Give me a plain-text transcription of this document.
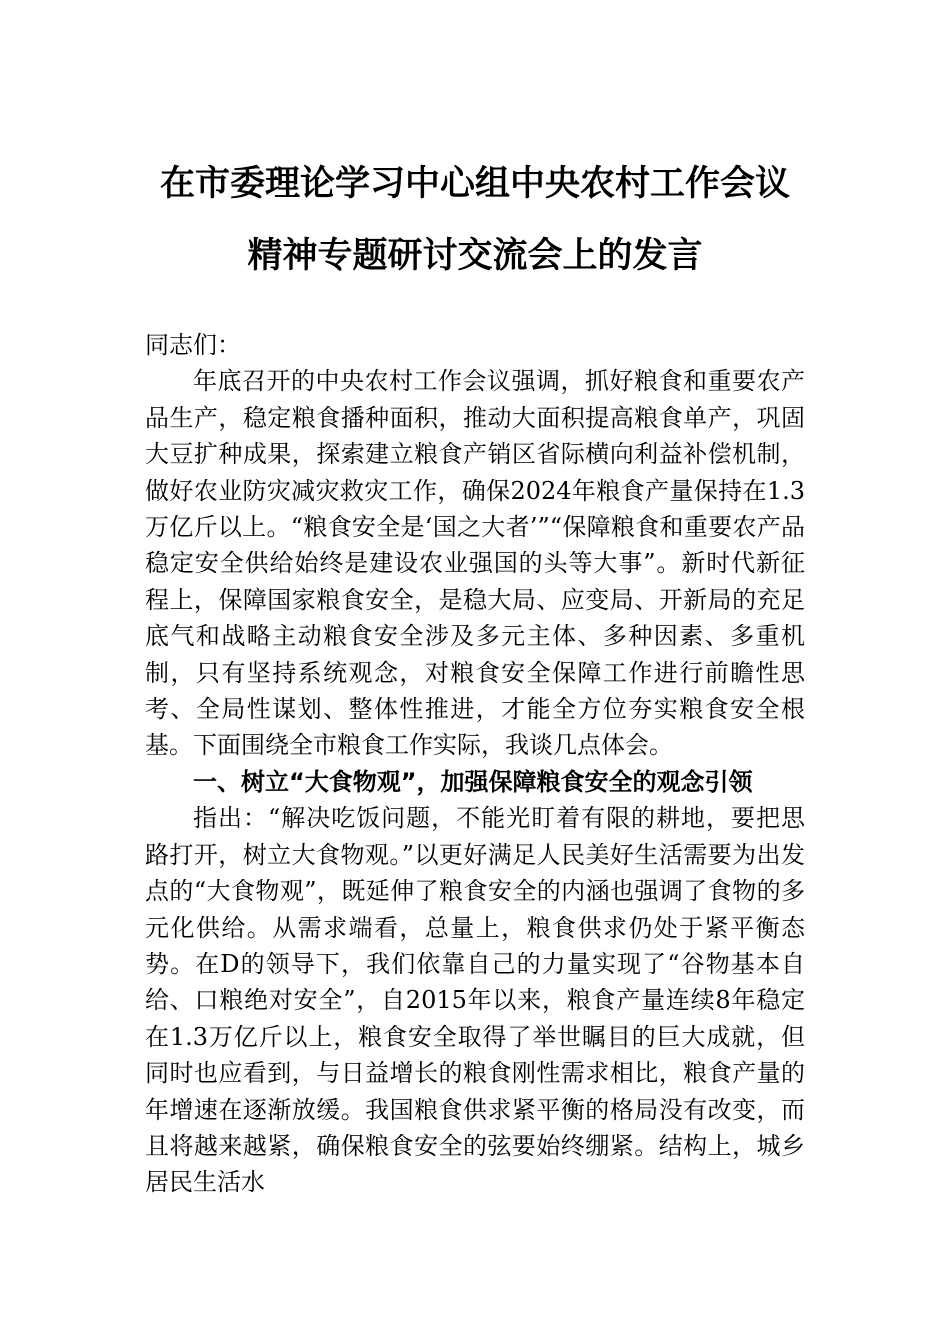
在市委理论学习中心组中央农村工作会议
精神专题研讨交流会上的发言

同志们：

年底召开的中央农村工作会议强调，抓好粮食和重要农产品生产，稳定粮食播种面积，推动大面积提高粮食单产，巩固大豆扩种成果，探索建立粮食产销区省际横向利益补偿机制，做好农业防灾减灾救灾工作，确保2024年粮食产量保持在1.3万亿斤以上。“粮食安全是‘国之大者’”“保障粮食和重要农产品稳定安全供给始终是建设农业强国的头等大事”。新时代新征程上，保障国家粮食安全，是稳大局、应变局、开新局的充足底气和战略主动粮食安全涉及多元主体、多种因素、多重机制，只有坚持系统观念，对粮食安全保障工作进行前瞻性思考、全局性谋划、整体性推进，才能全方位夯实粮食安全根基。下面围绕全市粮食工作实际，我谈几点体会。

一、树立“大食物观”，加强保障粮食安全的观念引领

指出：“解决吃饭问题，不能光盯着有限的耕地，要把思路打开，树立大食物观。”以更好满足人民美好生活需要为出发点的“大食物观”，既延伸了粮食安全的内涵也强调了食物的多元化供给。从需求端看，总量上，粮食供求仍处于紧平衡态势。在D的领导下，我们依靠自己的力量实现了“谷物基本自给、口粮绝对安全”，自2015年以来，粮食产量连续8年稳定在1.3万亿斤以上，粮食安全取得了举世瞩目的巨大成就，但同时也应看到，与日益增长的粮食刚性需求相比，粮食产量的年增速在逐渐放缓。我国粮食供求紧平衡的格局没有改变，而且将越来越紧，确保粮食安全的弦要始终绷紧。结构上，城乡居民生活水
